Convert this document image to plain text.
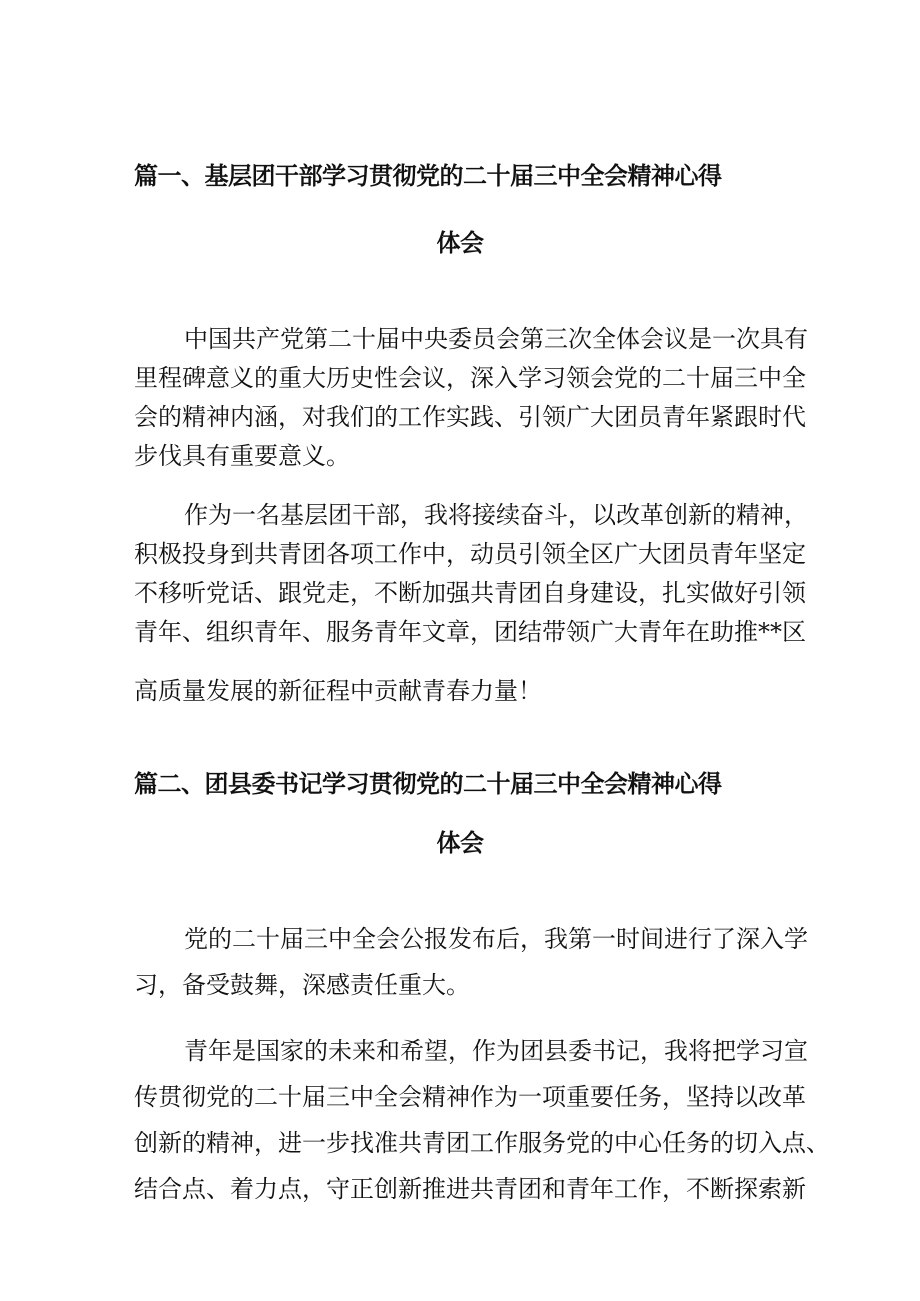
篇一、基层团干部学习贯彻党的二十届三中全会精神心得
体会
中国共产党第二十届中央委员会第三次全体会议是一次具有
里程碑意义的重大历史性会议，深入学习领会党的二十届三中全
会的精神内涵，对我们的工作实践、引领广大团员青年紧跟时代
步伐具有重要意义。
作为一名基层团干部，我将接续奋斗，以改革创新的精神，
积极投身到共青团各项工作中，动员引领全区广大团员青年坚定
不移听党话、跟党走，不断加强共青团自身建设，扎实做好引领
青年、组织青年、服务青年文章，团结带领广大青年在助推**区
高质量发展的新征程中贡献青春力量！
篇二、团县委书记学习贯彻党的二十届三中全会精神心得
体会
党的二十届三中全会公报发布后，我第一时间进行了深入学
习，备受鼓舞，深感责任重大。
青年是国家的未来和希望，作为团县委书记，我将把学习宣
传贯彻党的二十届三中全会精神作为一项重要任务，坚持以改革
创新的精神，进一步找准共青团工作服务党的中心任务的切入点、
结合点、着力点，守正创新推进共青团和青年工作，不断探索新
